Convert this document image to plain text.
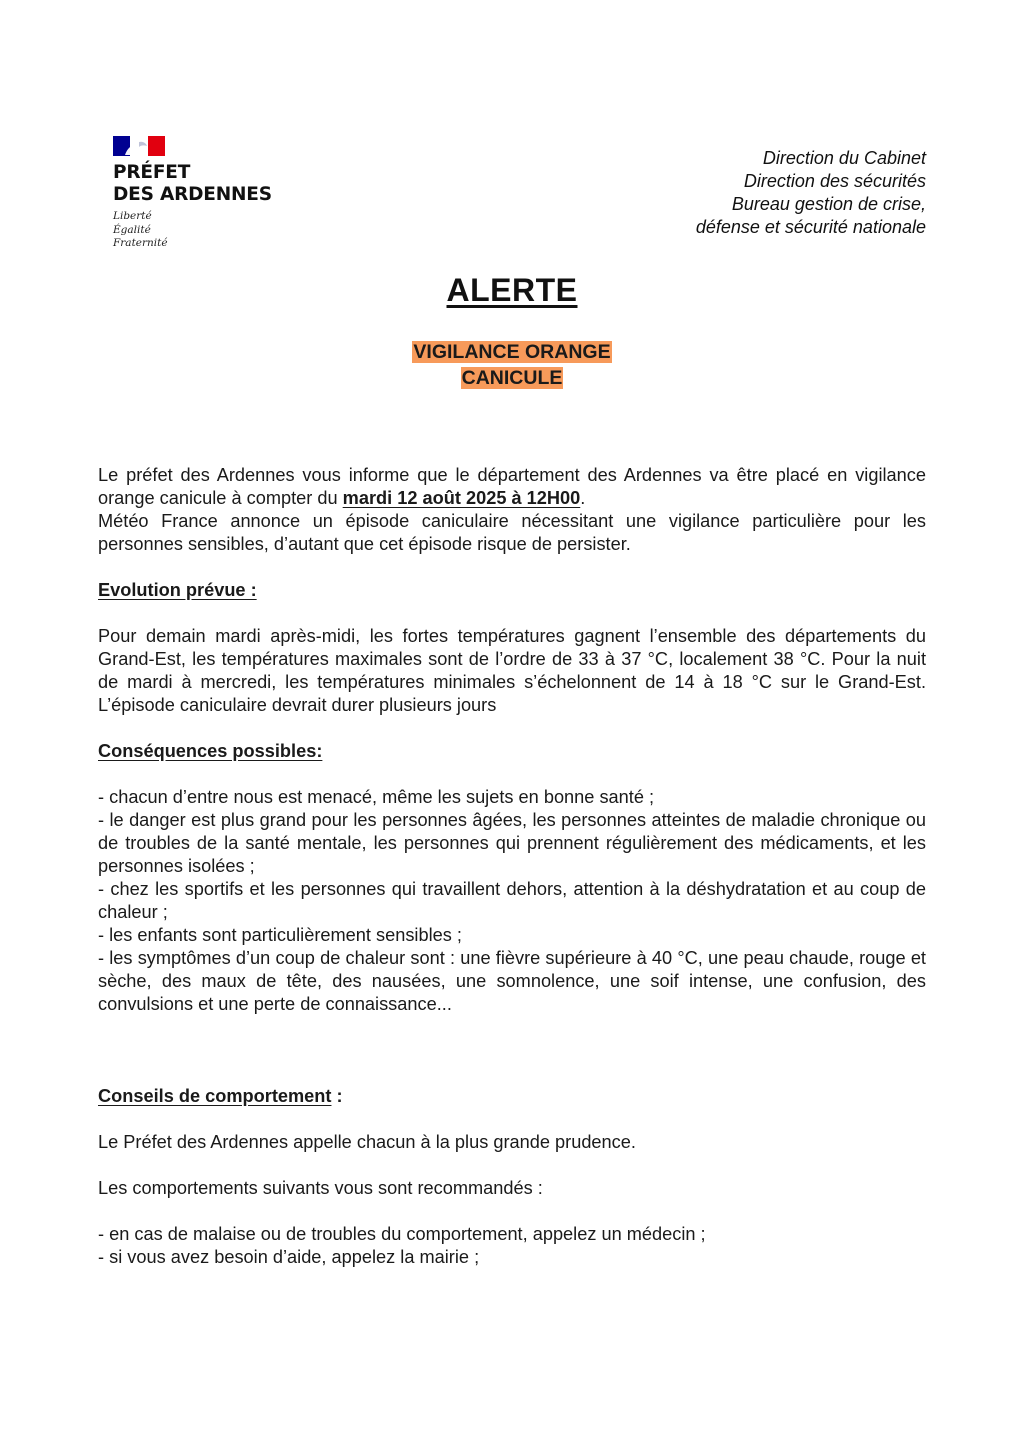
PRÉFET
DES ARDENNES
Liberté
Égalité
Fraternité
Direction du Cabinet
Direction des sécurités
Bureau gestion de crise,
défense et sécurité nationale
ALERTE
VIGILANCE ORANGE
CANICULE

Le préfet des Ardennes vous informe que le département des Ardennes va être placé en vigilance orange canicule à compter du mardi 12 août 2025 à 12H00.

Météo France annonce un épisode caniculaire nécessitant une vigilance particulière pour les personnes sensibles, d’autant que cet épisode risque de persister.

Evolution prévue :

Pour demain mardi après-midi, les fortes températures gagnent l’ensemble des départements du Grand-Est, les températures maximales sont de l’ordre de 33 à 37 °C, localement 38 °C. Pour la nuit de mardi à mercredi, les températures minimales s’échelonnent de 14 à 18 °C sur le Grand-Est. L’épisode caniculaire devrait durer plusieurs jours

Conséquences possibles:

- chacun d’entre nous est menacé, même les sujets en bonne santé ;

- le danger est plus grand pour les personnes âgées, les personnes atteintes de maladie chronique ou de troubles de la santé mentale, les personnes qui prennent régulièrement des médicaments, et les personnes isolées ;

- chez les sportifs et les personnes qui travaillent dehors, attention à la déshydratation et au coup de chaleur ;

- les enfants sont particulièrement sensibles ;

- les symptômes d’un coup de chaleur sont : une fièvre supérieure à 40 °C, une peau chaude, rouge et sèche, des maux de tête, des nausées, une somnolence, une soif intense, une confusion, des convulsions et une perte de connaissance...

Conseils de comportement :

Le Préfet des Ardennes appelle chacun à la plus grande prudence.

Les comportements suivants vous sont recommandés :

- en cas de malaise ou de troubles du comportement, appelez un médecin ;

- si vous avez besoin d’aide, appelez la mairie ;
